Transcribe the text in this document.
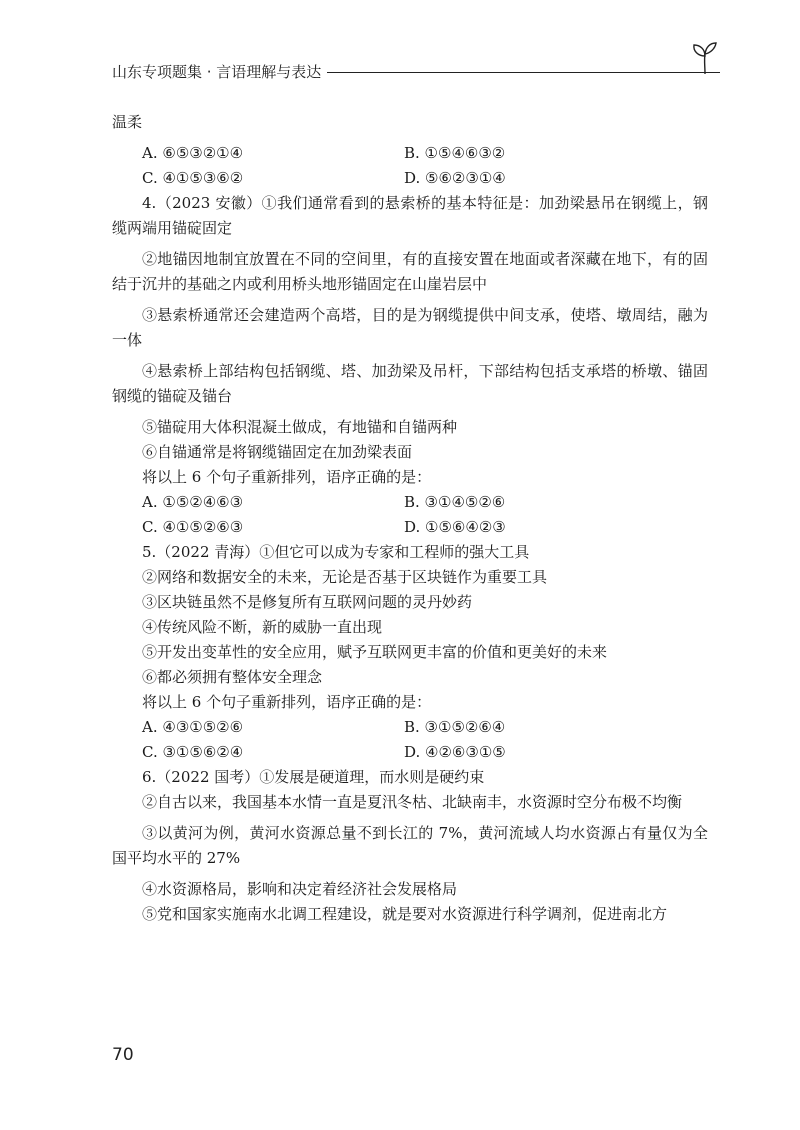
山东专项题集 · 言语理解与表达

温柔

A. ⑥⑤③②①④	B. ①⑤④⑥③②
C. ④①⑤③⑥②	D. ⑤⑥②③①④

4.（2023 安徽）①我们通常看到的悬索桥的基本特征是：加劲梁悬吊在钢缆上，钢缆两端用锚碇固定

②地锚因地制宜放置在不同的空间里，有的直接安置在地面或者深藏在地下，有的固结于沉井的基础之内或利用桥头地形锚固定在山崖岩层中

③悬索桥通常还会建造两个高塔，目的是为钢缆提供中间支承，使塔、墩周结，融为一体

④悬索桥上部结构包括钢缆、塔、加劲梁及吊杆，下部结构包括支承塔的桥墩、锚固钢缆的锚碇及锚台

⑤锚碇用大体积混凝土做成，有地锚和自锚两种

⑥自锚通常是将钢缆锚固定在加劲梁表面

将以上 6 个句子重新排列，语序正确的是：

A. ①⑤②④⑥③	B. ③①④⑤②⑥
C. ④①⑤②⑥③	D. ①⑤⑥④②③

5.（2022 青海）①但它可以成为专家和工程师的强大工具

②网络和数据安全的未来，无论是否基于区块链作为重要工具

③区块链虽然不是修复所有互联网问题的灵丹妙药

④传统风险不断，新的威胁一直出现

⑤开发出变革性的安全应用，赋予互联网更丰富的价值和更美好的未来

⑥都必须拥有整体安全理念

将以上 6 个句子重新排列，语序正确的是：

A. ④③①⑤②⑥	B. ③①⑤②⑥④
C. ③①⑤⑥②④	D. ④②⑥③①⑤

6.（2022 国考）①发展是硬道理，而水则是硬约束

②自古以来，我国基本水情一直是夏汛冬枯、北缺南丰，水资源时空分布极不均衡

③以黄河为例，黄河水资源总量不到长江的 7%，黄河流域人均水资源占有量仅为全国平均水平的 27%

④水资源格局，影响和决定着经济社会发展格局

⑤党和国家实施南水北调工程建设，就是要对水资源进行科学调剂，促进南北方

70
